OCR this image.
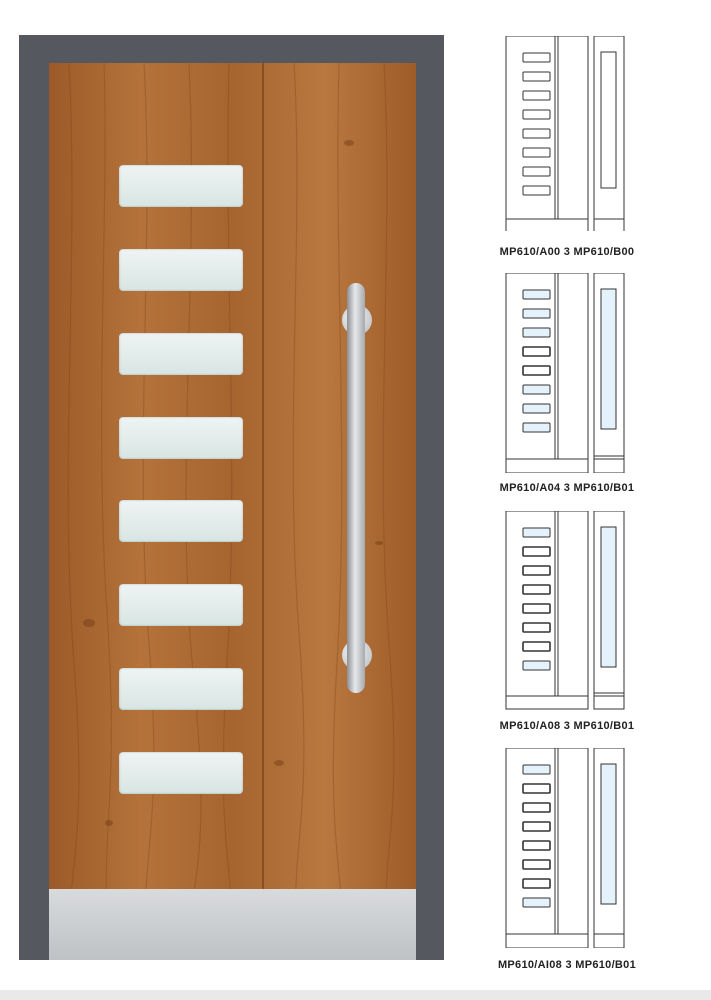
MP610/A00 3 MP610/B00
MP610/A04 3 MP610/B01
MP610/A08 3 MP610/B01
MP610/AI08 3 MP610/B01
